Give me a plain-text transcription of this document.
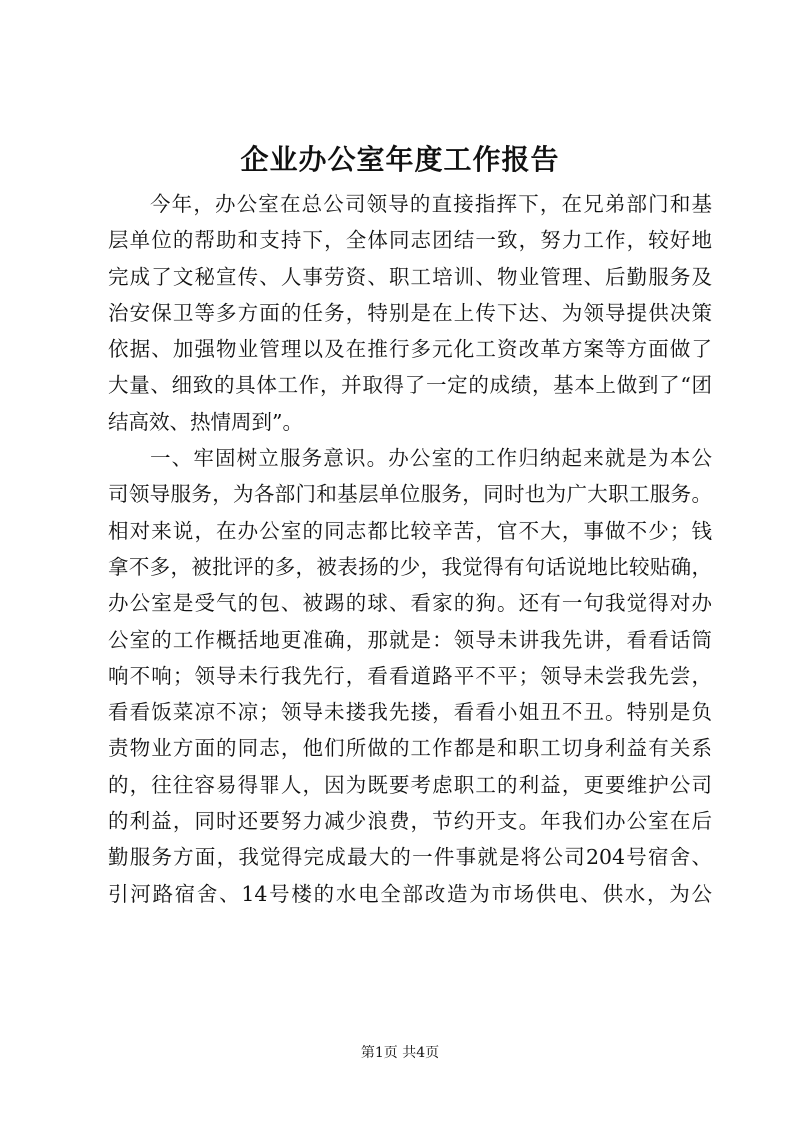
企业办公室年度工作报告
今年，办公室在总公司领导的直接指挥下，在兄弟部门和基
层单位的帮助和支持下，全体同志团结一致，努力工作，较好地
完成了文秘宣传、人事劳资、职工培训、物业管理、后勤服务及
治安保卫等多方面的任务，特别是在上传下达、为领导提供决策
依据、加强物业管理以及在推行多元化工资改革方案等方面做了
大量、细致的具体工作，并取得了一定的成绩，基本上做到了“团
结高效、热情周到”。
一、牢固树立服务意识。办公室的工作归纳起来就是为本公
司领导服务，为各部门和基层单位服务，同时也为广大职工服务。
相对来说，在办公室的同志都比较辛苦，官不大，事做不少；钱
拿不多，被批评的多，被表扬的少，我觉得有句话说地比较贴确，
办公室是受气的包、被踢的球、看家的狗。还有一句我觉得对办
公室的工作概括地更准确，那就是：领导未讲我先讲，看看话筒
响不响；领导未行我先行，看看道路平不平；领导未尝我先尝，
看看饭菜凉不凉；领导未搂我先搂，看看小姐丑不丑。特别是负
责物业方面的同志，他们所做的工作都是和职工切身利益有关系
的，往往容易得罪人，因为既要考虑职工的利益，更要维护公司
的利益，同时还要努力减少浪费，节约开支。年我们办公室在后
勤服务方面，我觉得完成最大的一件事就是将公司204号宿舍、
引河路宿舍、14号楼的水电全部改造为市场供电、供水，为公
第1页 共4页
